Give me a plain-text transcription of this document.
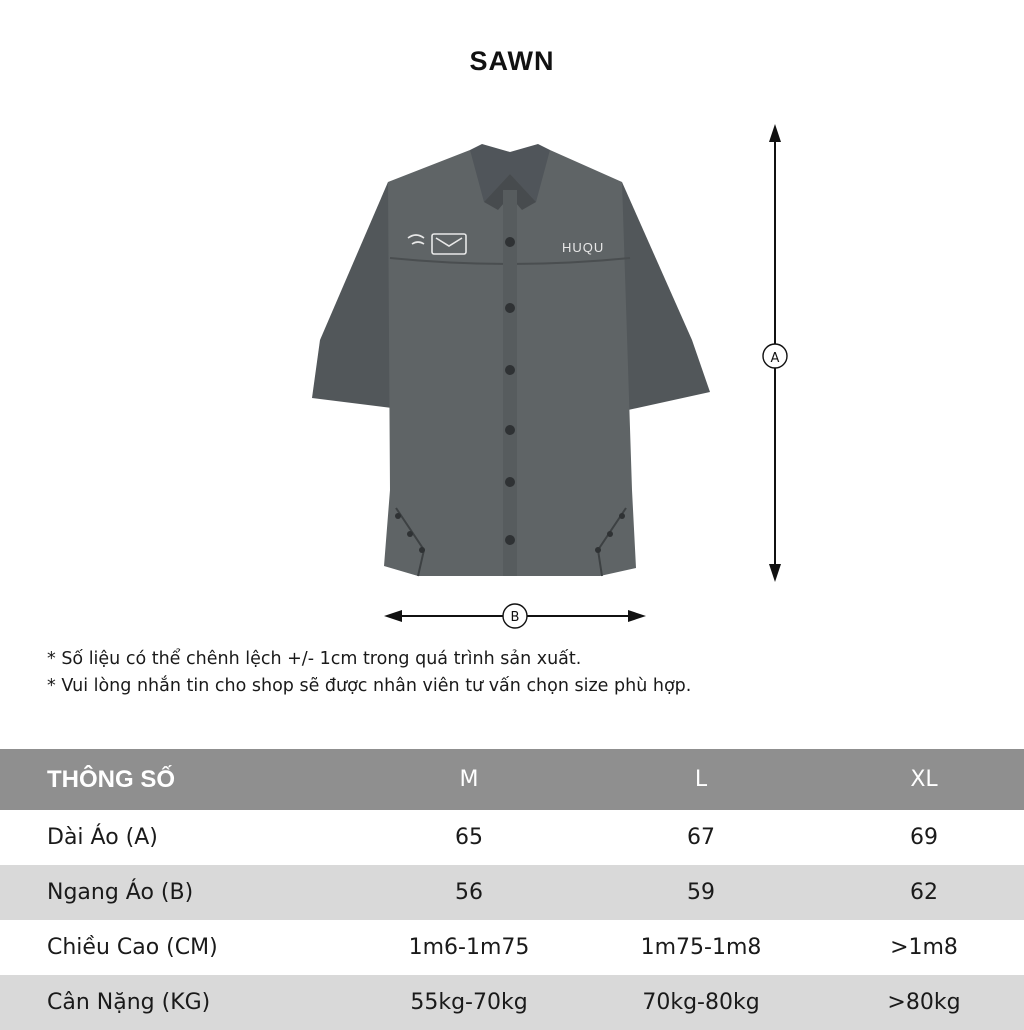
SAWN
HUQU
A
B
* Số liệu có thể chênh lệch +/- 1cm trong quá trình sản xuất.
* Vui lòng nhắn tin cho shop sẽ được nhân viên tư vấn chọn size phù hợp.
THÔNG SỐ	M	L	XL
Dài Áo (A)	65	67	69
Ngang Áo (B)	56	59	62
Chiều Cao (CM)	1m6-1m75	1m75-1m8	>1m8
Cân Nặng (KG)	55kg-70kg	70kg-80kg	>80kg
